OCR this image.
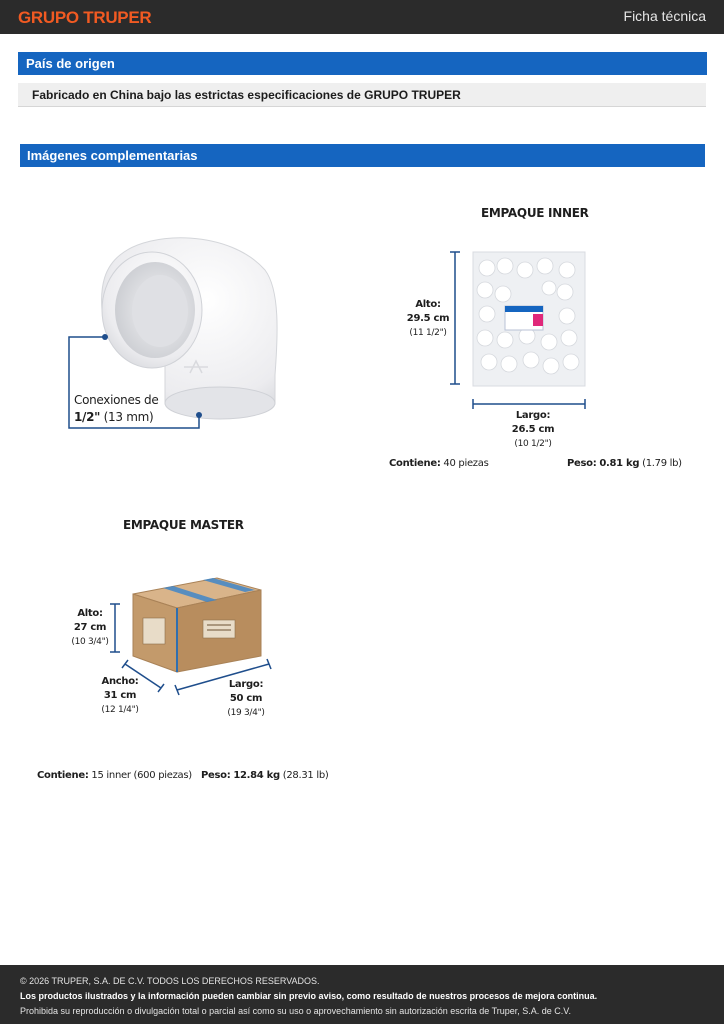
GRUPO TRUPER	Ficha técnica
País de origen
Fabricado en China bajo las estrictas especificaciones de GRUPO TRUPER
Imágenes complementarias
Conexiones de
1/2" (13 mm)
EMPAQUE INNER
Alto:
29.5 cm
(11 1/2")
Largo:
26.5 cm
(10 1/2")
Contiene: 40 piezas	Peso: 0.81 kg (1.79 lb)
EMPAQUE MASTER
Alto:
27 cm
(10 3/4")
Ancho:
31 cm
(12 1/4")
Largo:
50 cm
(19 3/4")
Contiene: 15 inner (600 piezas) Peso: 12.84 kg (28.31 lb)
© 2026 TRUPER, S.A. DE C.V. TODOS LOS DERECHOS RESERVADOS.
Los productos ilustrados y la información pueden cambiar sin previo aviso, como resultado de nuestros procesos de mejora continua.
Prohibida su reproducción o divulgación total o parcial así como su uso o aprovechamiento sin autorización escrita de Truper, S.A. de C.V.
